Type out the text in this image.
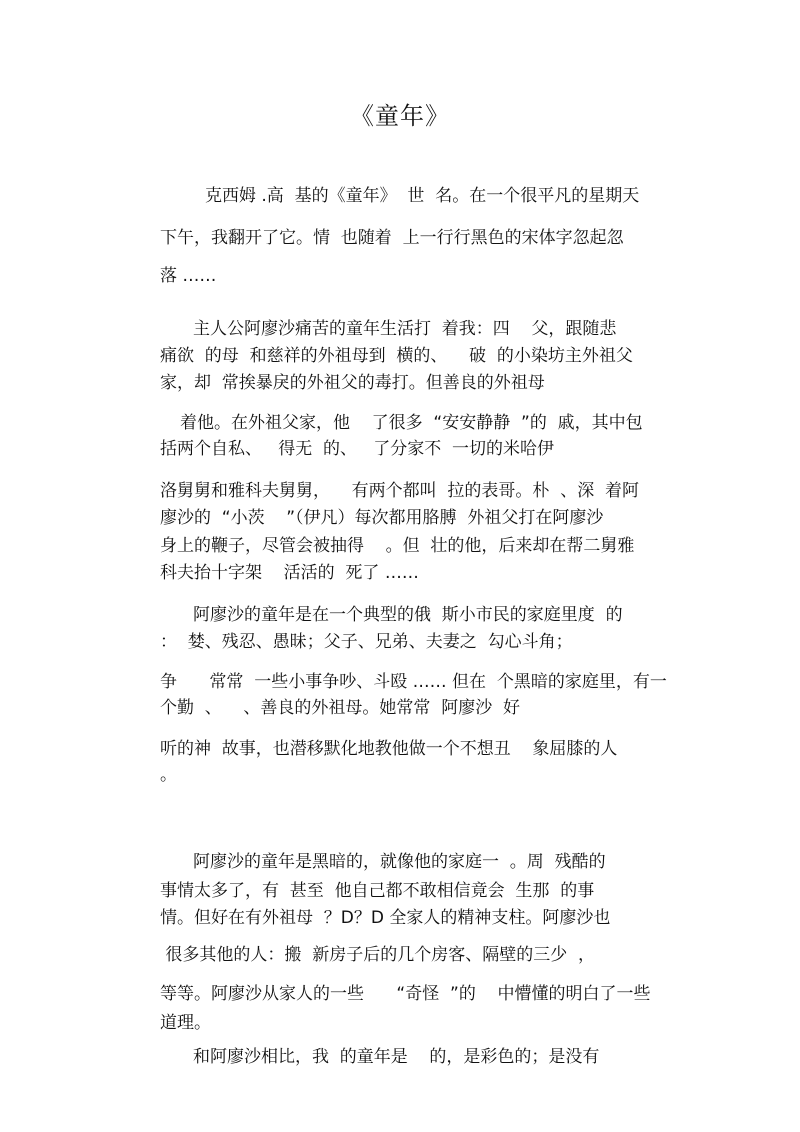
《童年》
克西姆 .高  基的《童年》  世  名。在一个很平凡的星期天
下午，我翻开了它。情  也随着  上一行行黑色的宋体字忽起忽
落 ……
主人公阿廖沙痛苦的童年生活打  着我：四    父，跟随悲
痛欲  的母  和慈祥的外祖母到  横的、    破  的小染坊主外祖父
家，却  常挨暴戾的外祖父的毒打。但善良的外祖母
着他。在外祖父家，他    了很多  “安安静静  ”的  戚，其中包
括两个自私、   得无  的、   了分家不  一切的米哈伊
洛舅舅和雅科夫舅舅，    有两个都叫  拉的表哥。朴  、深  着阿
廖沙的  “小茨    ”（伊凡）每次都用胳膊  外祖父打在阿廖沙
身上的鞭子，尽管会被抽得    。但  壮的他，后来却在帮二舅雅
科夫抬十字架    活活的  死了 ……
阿廖沙的童年是在一个典型的俄  斯小市民的家庭里度  的
：  婪、残忍、愚昧；父子、兄弟、夫妻之  勾心斗角；
争      常常  一些小事争吵、斗殴 …… 但在  个黑暗的家庭里，有一
个勤  、    、善良的外祖母。她常常  阿廖沙  好
听的神  故事，也潜移默化地教他做一个不想丑    象屈膝的人
。
阿廖沙的童年是黑暗的，就像他的家庭一  。周  残酷的
事情太多了，有  甚至  他自己都不敢相信竟会  生那  的事
情。但好在有外祖母  ？D？D 全家人的精神支柱。阿廖沙也
很多其他的人：搬  新房子后的几个房客、隔壁的三少  ，
等等。阿廖沙从家人的一些      “奇怪  ”的    中懵懂的明白了一些
道理。
和阿廖沙相比，我  的童年是    的，是彩色的；是没有
